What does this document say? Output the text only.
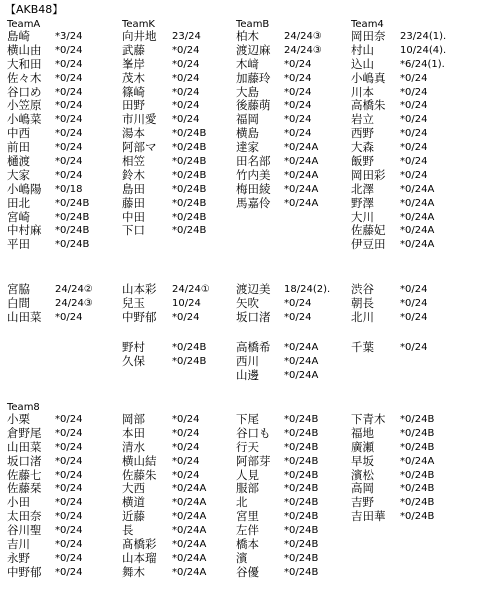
【AKB48】
TeamA
島崎	*3/24
横山由 *0/24
大和田 *0/24
佐々木 *0/24
谷口め *0/24
小笠原 *0/24
小嶋菜 *0/24
中西	*0/24
前田	*0/24
樋渡	*0/24
大家	*0/24
小嶋陽 *0/18
田北	*0/24B
宮崎	*0/24B
中村麻 *0/24B
平田	*0/24B
TeamK
向井地 23/24
武藤	*0/24
峯岸	*0/24
茂木	*0/24
篠崎	*0/24
田野	*0/24
市川愛 *0/24
湯本	*0/24B
阿部マ *0/24B
相笠	*0/24B
鈴木	*0/24B
島田	*0/24B
藤田	*0/24B
中田	*0/24B
下口	*0/24B
TeamB
柏木	24/24③
渡辺麻 24/24③
木﨑	*0/24
加藤玲 *0/24
大島	*0/24
後藤萌 *0/24
福岡	*0/24
横島	*0/24
達家	*0/24A
田名部 *0/24A
竹内美 *0/24A
梅田綾 *0/24A
馬嘉伶 *0/24A
Team4
岡田奈 23/24(1).
村山	10/24(4).
込山	*6/24(1).
小嶋真 *0/24
川本	*0/24
高橋朱 *0/24
岩立	*0/24
西野	*0/24
大森	*0/24
飯野	*0/24
岡田彩 *0/24
北澤	*0/24A
野澤	*0/24A
大川	*0/24A
佐藤妃 *0/24A
伊豆田 *0/24A
宮脇	24/24②
白間	24/24③
山田菜 *0/24
山本彩 24/24①
兒玉	10/24
中野郁 *0/24
渡辺美 18/24(2).
矢吹	*0/24
坂口渚 *0/24
渋谷	*0/24
朝長	*0/24
北川	*0/24
野村	*0/24B
久保	*0/24B
高橋希 *0/24A
西川	*0/24A
山邊	*0/24A
千葉	*0/24
Team8
小栗	*0/24
倉野尾 *0/24
山田菜 *0/24
坂口渚 *0/24
佐藤七 *0/24
佐藤栞 *0/24
小田	*0/24
太田奈 *0/24
谷川聖 *0/24
吉川	*0/24
永野	*0/24
中野郁 *0/24
岡部	*0/24
本田	*0/24
清水	*0/24
横山結 *0/24
佐藤朱 *0/24
大西	*0/24A
横道	*0/24A
近藤	*0/24A
長	*0/24A
髙橋彩 *0/24A
山本瑠 *0/24A
舞木	*0/24A
下尾	*0/24B
谷口も *0/24B
行天	*0/24B
阿部芽 *0/24B
人見	*0/24B
服部	*0/24B
北	*0/24B
宮里	*0/24B
左伴	*0/24B
橋本	*0/24B
濱	*0/24B
谷優	*0/24B
下青木 *0/24B
福地	*0/24B
廣瀬	*0/24B
早坂	*0/24A
濱松	*0/24B
高岡	*0/24B
吉野	*0/24B
吉田華 *0/24B
